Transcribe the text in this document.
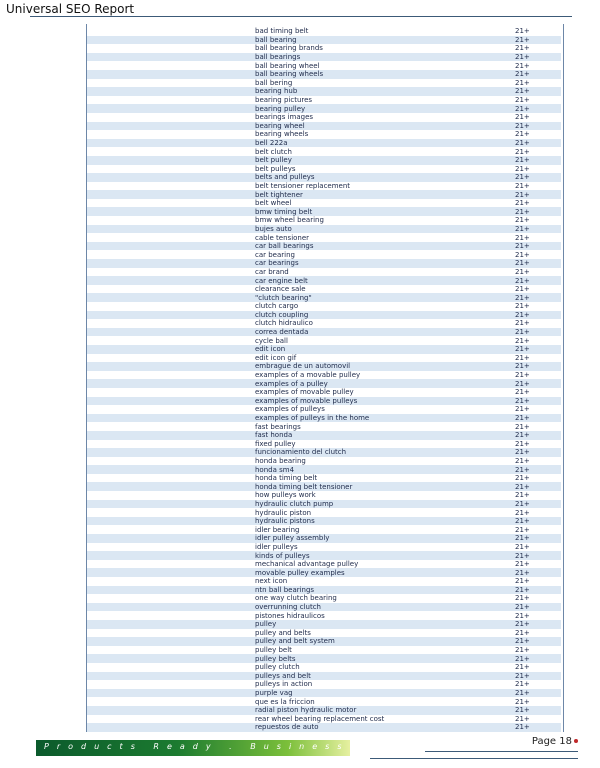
Universal SEO Report
bad timing belt	21+
ball bearing	21+
ball bearing brands	21+
ball bearings	21+
ball bearing wheel	21+
ball bearing wheels	21+
ball bering	21+
bearing hub	21+
bearing pictures	21+
bearing pulley	21+
bearings images	21+
bearing wheel	21+
bearing wheels	21+
bell 222a	21+
belt clutch	21+
belt pulley	21+
belt pulleys	21+
belts and pulleys	21+
belt tensioner replacement	21+
belt tightener	21+
belt wheel	21+
bmw timing belt	21+
bmw wheel bearing	21+
bujes auto	21+
cable tensioner	21+
car ball bearings	21+
car bearing	21+
car bearings	21+
car brand	21+
car engine belt	21+
clearance sale	21+
"clutch bearing"	21+
clutch cargo	21+
clutch coupling	21+
clutch hidraulico	21+
correa dentada	21+
cycle ball	21+
edit icon	21+
edit icon gif	21+
embrague de un automovil	21+
examples of a movable pulley	21+
examples of a pulley	21+
examples of movable pulley	21+
examples of movable pulleys	21+
examples of pulleys	21+
examples of pulleys in the home	21+
fast bearings	21+
fast honda	21+
fixed pulley	21+
funcionamiento del clutch	21+
honda bearing	21+
honda sm4	21+
honda timing belt	21+
honda timing belt tensioner	21+
how pulleys work	21+
hydraulic clutch pump	21+
hydraulic piston	21+
hydraulic pistons	21+
idler bearing	21+
idler pulley assembly	21+
idler pulleys	21+
kinds of pulleys	21+
mechanical advantage pulley	21+
movable pulley examples	21+
next icon	21+
ntn ball bearings	21+
one way clutch bearing	21+
overrunning clutch	21+
pistones hidraulicos	21+
pulley	21+
pulley and belts	21+
pulley and belt system	21+
pulley belt	21+
pulley belts	21+
pulley clutch	21+
pulleys and belt	21+
pulleys in action	21+
purple vag	21+
que es la friccion	21+
radial piston hydraulic motor	21+
rear wheel bearing replacement cost	21+
repuestos de auto	21+
Products Ready . Business Ready	Page 18
